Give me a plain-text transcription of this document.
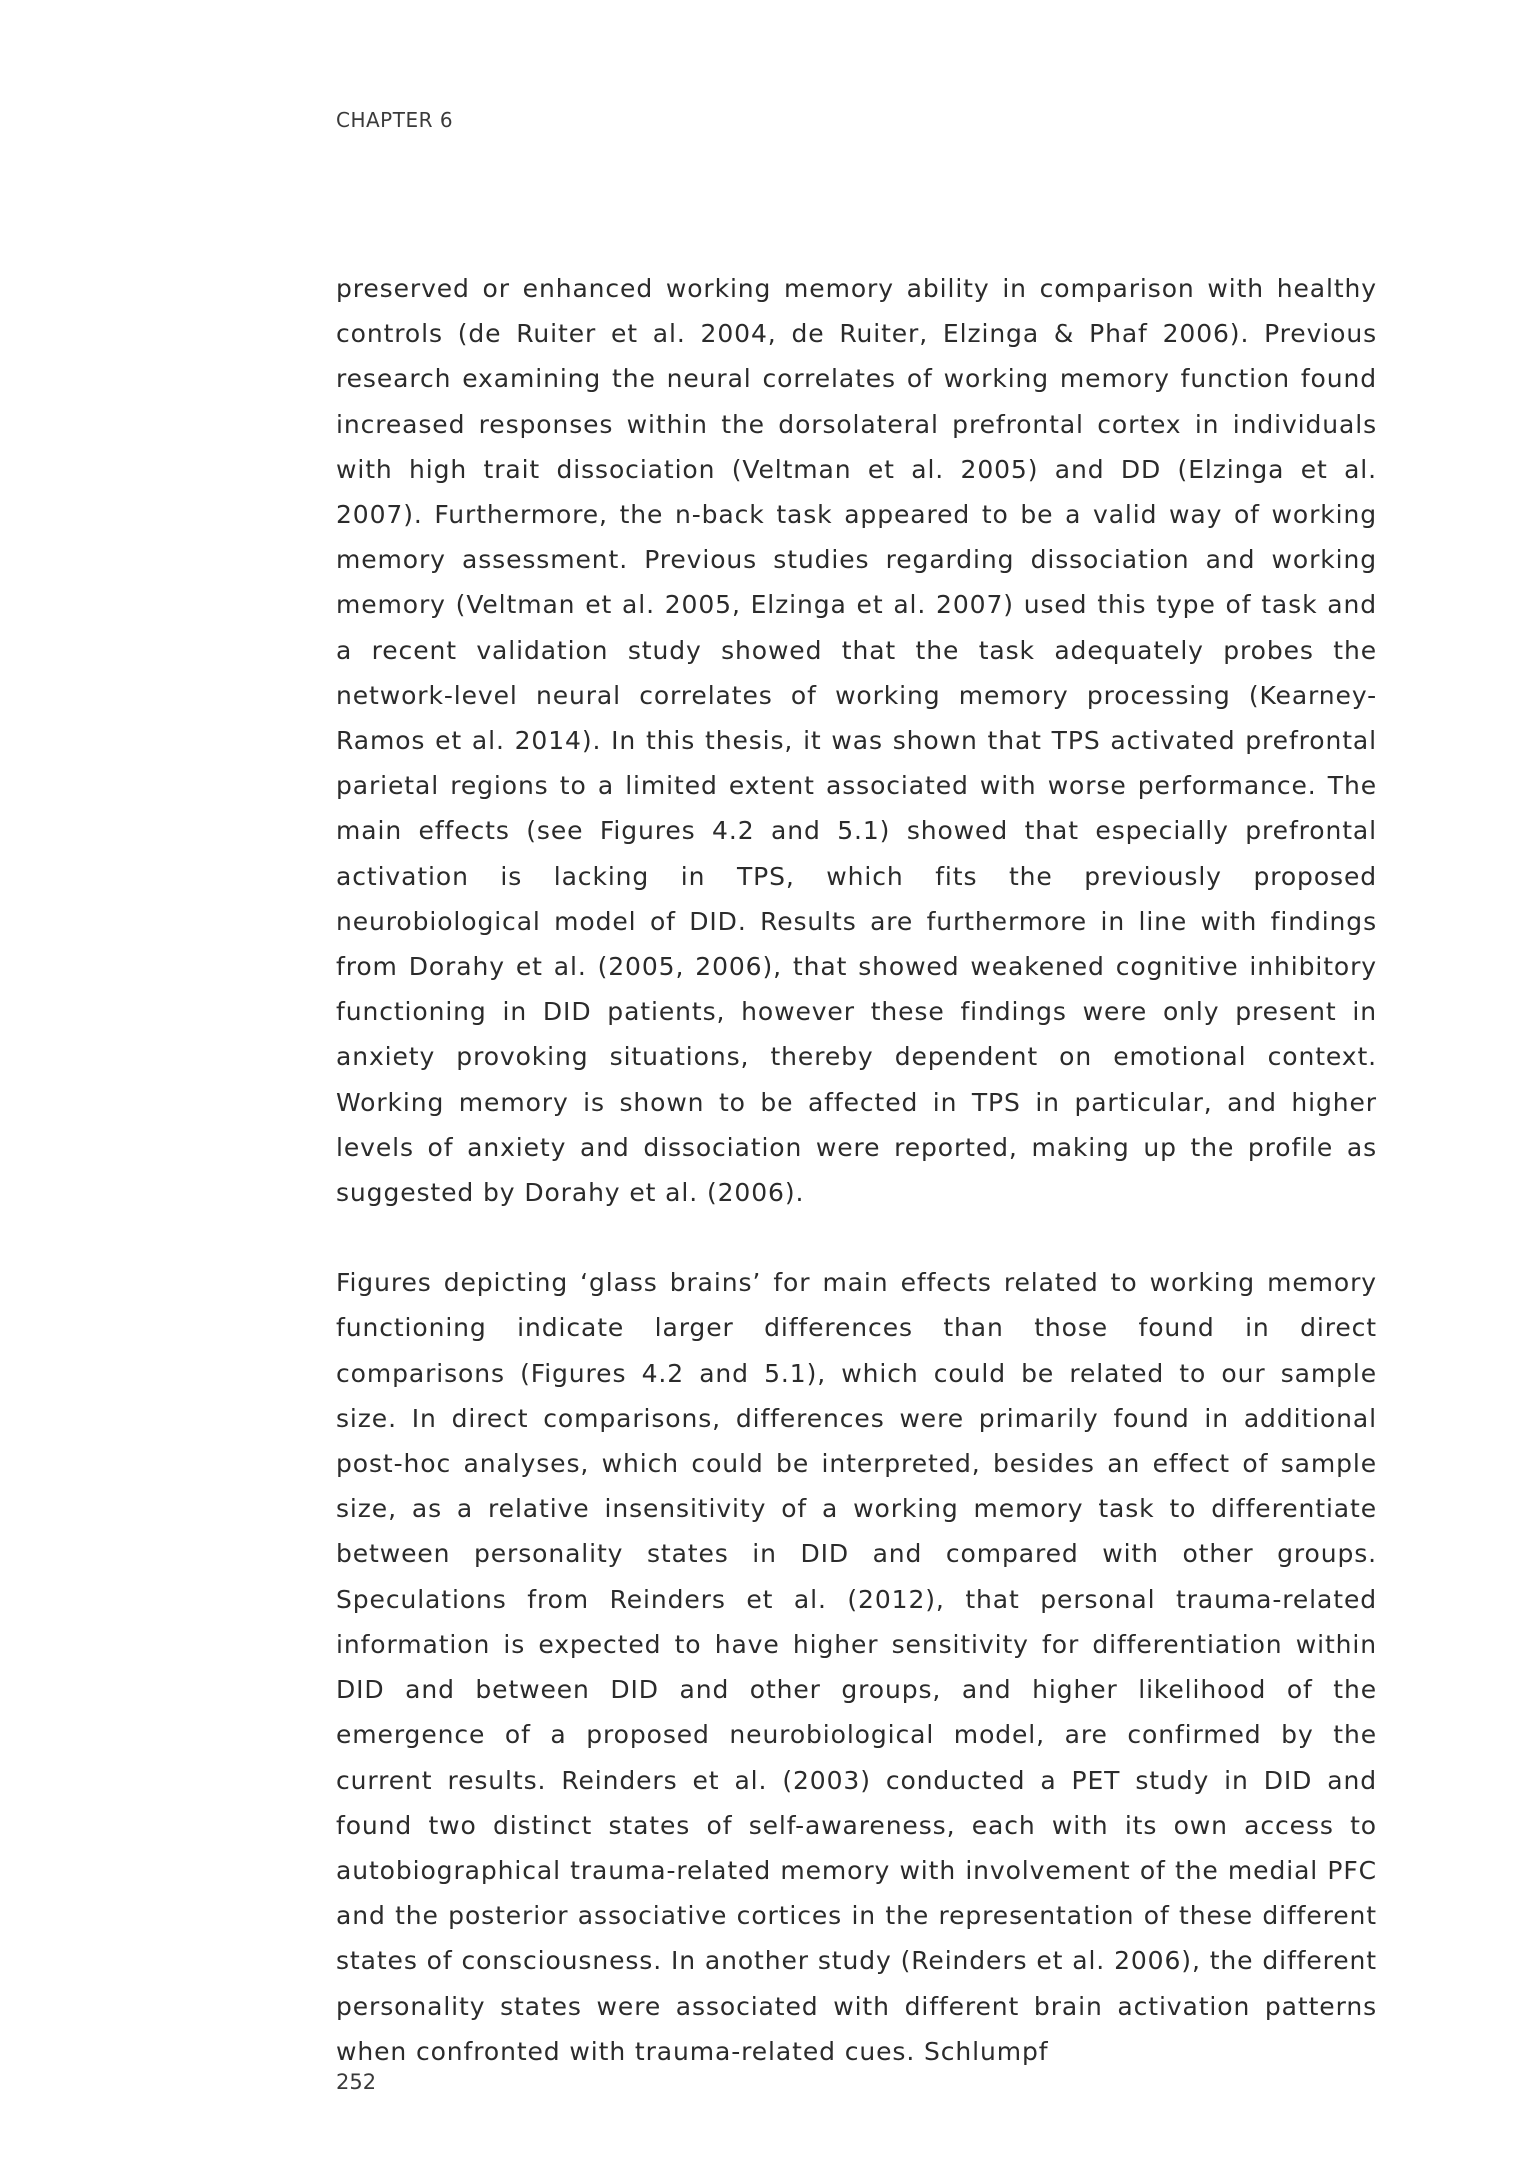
CHAPTER 6

preserved or enhanced working memory ability in comparison with healthy controls (de Ruiter et al. 2004, de Ruiter, Elzinga & Phaf 2006). Previous research examining the neural correlates of working memory function found increased responses within the dorsolateral prefrontal cortex in individuals with high trait dissociation (Veltman et al. 2005) and DD (Elzinga et al. 2007). Furthermore, the n-back task appeared to be a valid way of working memory assessment. Previous studies regarding dissociation and working memory (Veltman et al. 2005, Elzinga et al. 2007) used this type of task and a recent validation study showed that the task adequately probes the network-level neural correlates of working memory processing (Kearney-Ramos et al. 2014). In this thesis, it was shown that TPS activated prefrontal parietal regions to a limited extent associated with worse performance. The main effects (see Figures 4.2 and 5.1) showed that especially prefrontal activation is lacking in TPS, which fits the previously proposed neurobiological model of DID. Results are furthermore in line with findings from Dorahy et al. (2005, 2006), that showed weakened cognitive inhibitory functioning in DID patients, however these findings were only present in anxiety provoking situations, thereby dependent on emotional context. Working memory is shown to be affected in TPS in particular, and higher levels of anxiety and dissociation were reported, making up the profile as suggested by Dorahy et al. (2006).

Figures depicting ‘glass brains’ for main effects related to working memory functioning indicate larger differences than those found in direct comparisons (Figures 4.2 and 5.1), which could be related to our sample size. In direct comparisons, differences were primarily found in additional post-hoc analyses, which could be interpreted, besides an effect of sample size, as a relative insensitivity of a working memory task to differentiate between personality states in DID and compared with other groups. Speculations from Reinders et al. (2012), that personal trauma-related information is expected to have higher sensitivity for differentiation within DID and between DID and other groups, and higher likelihood of the emergence of a proposed neurobiological model, are confirmed by the current results. Reinders et al. (2003) conducted a PET study in DID and found two distinct states of self-awareness, each with its own access to autobiographical trauma-related memory with involvement of the medial PFC and the posterior associative cortices in the representation of these different states of consciousness. In another study (Reinders et al. 2006), the different personality states were associated with different brain activation patterns when confronted with trauma-related cues. Schlumpf

252
